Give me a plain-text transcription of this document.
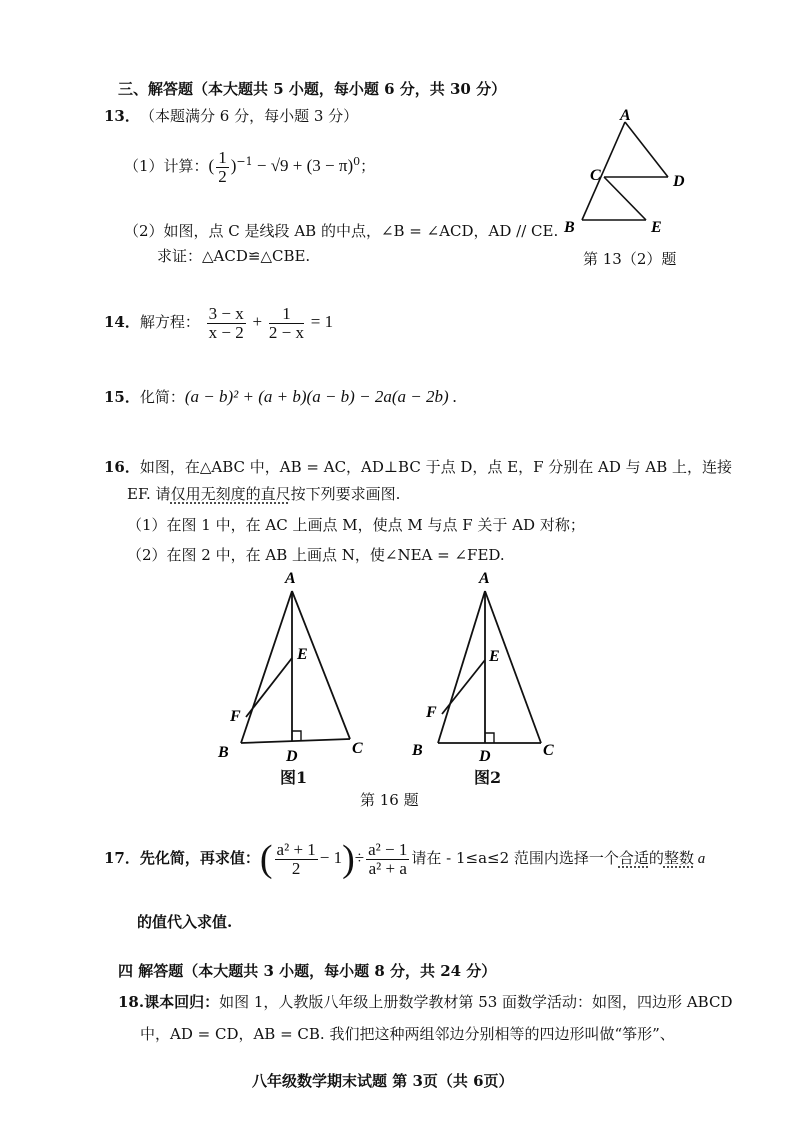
三、解答题（本大题共 5 小题，每小题 6 分，共 30 分）
13． （本题满分 6 分，每小题 3 分）
（1）计算：( $\frac{1}{2} )^{-1} - √9 + (3 - \pi)^0$；
（2）如图，点 C 是线段 AB 的中点，∠B = ∠ACD，AD // CE.
求证：△ACD≌△CBE.
A
C	D
B	E
第 13（2）题
14．解方程： $\frac{3 - x}{x - 2} + \frac{1}{2 - x} = 1$
15．化简：(a − b)² + (a + b)(a − b) − 2a(a − 2b) .
16．如图，在△ABC 中，AB = AC，AD⊥BC 于点 D，点 E，F 分别在 AD 与 AB 上，连接
EF. 请仅用无刻度的直尺按下列要求画图.
（1）在图 1 中，在 AC 上画点 M，使点 M 与点 F 关于 AD 对称；
（2）在图 2 中，在 AB 上画点 N，使∠NEA = ∠FED.
A
E
F
B	D	C
图1
A
E
F
B	D	C
图2
第 16 题
17．先化简，再求值：( $\frac{\text{a² + 1}}{2} - 1)\div \frac{\text{a² − 1}}{\text{a² + a}}$ 请在 - 1≤a≤2 范围内选择一个合适的整数 a
的值代入求值.
四 解答题（本大题共 3 小题，每小题 8 分，共 24 分）
18.课本回归：如图 1，人教版八年级上册数学教材第 53 面数学活动：如图，四边形 ABCD
中，AD = CD，AB = CB. 我们把这种两组邻边分别相等的四边形叫做“筝形”、
八年级数学期末试题 第 3页（共 6页）
